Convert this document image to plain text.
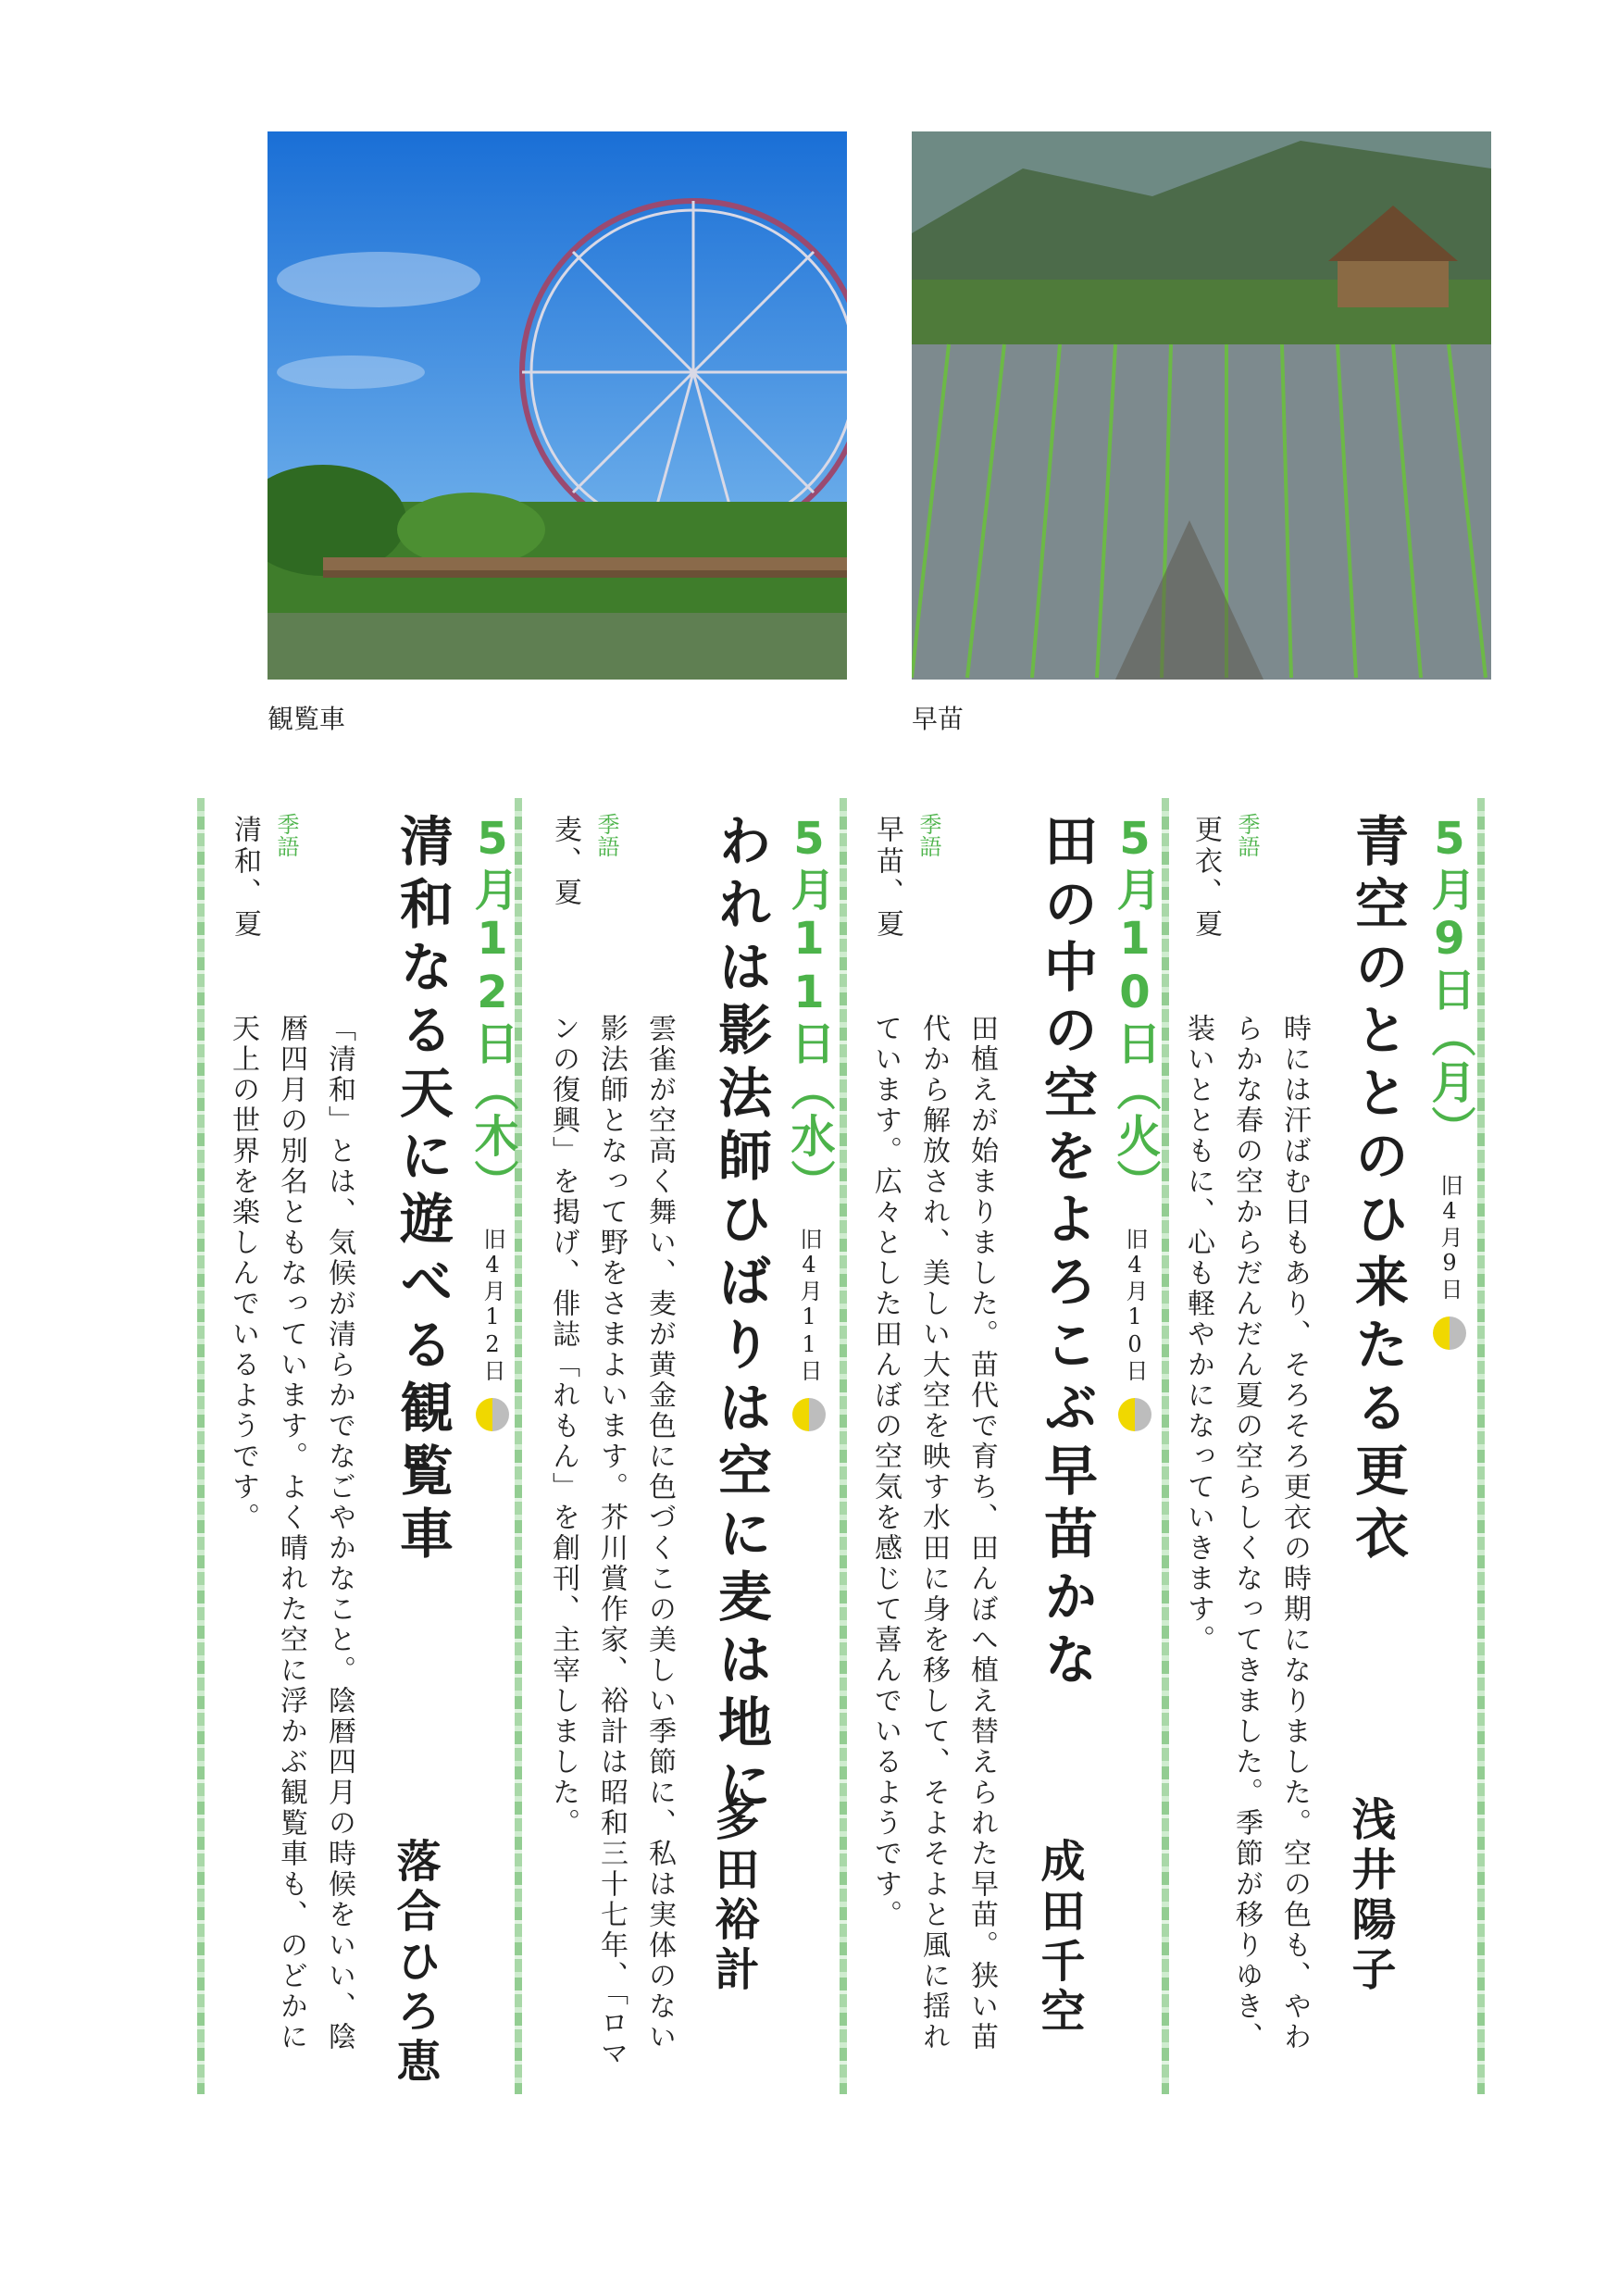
観覧車	早苗
5月9日（月）旧4月9日
青空のととのひ来たる更衣
浅井陽子
時には汗ばむ日もあり、そろそろ更衣の時期になりました。空の色も、やわらかな春の空からだんだん夏の空らしくなってきました。季節が移りゆき、装いとともに、心も軽やかになっていきます。
季語
更衣、夏
5月10日（火）旧4月10日
田の中の空をよろこぶ早苗かな
成田千空
田植えが始まりました。苗代で育ち、田んぼへ植え替えられた早苗。狭い苗代から解放され、美しい大空を映す水田に身を移して、そよそよと風に揺れています。広々とした田んぼの空気を感じて喜んでいるようです。
季語
早苗、夏
5月11日（水）旧4月11日
われは影法師ひばりは空に麦は地に
多田裕計
雲雀が空高く舞い、麦が黄金色に色づくこの美しい季節に、私は実体のない影法師となって野をさまよいます。芥川賞作家、裕計は昭和三十七年、「ロマンの復興」を掲げ、俳誌「れもん」を創刊、主宰しました。
季語
麦、夏
5月12日（木）旧4月12日
清和なる天に遊べる観覧車
落合ひろ恵
「清和」とは、気候が清らかでなごやかなこと。陰暦四月の時候をいい、陰暦四月の別名ともなっています。よく晴れた空に浮かぶ観覧車も、のどかに天上の世界を楽しんでいるようです。
季語
清和、夏
